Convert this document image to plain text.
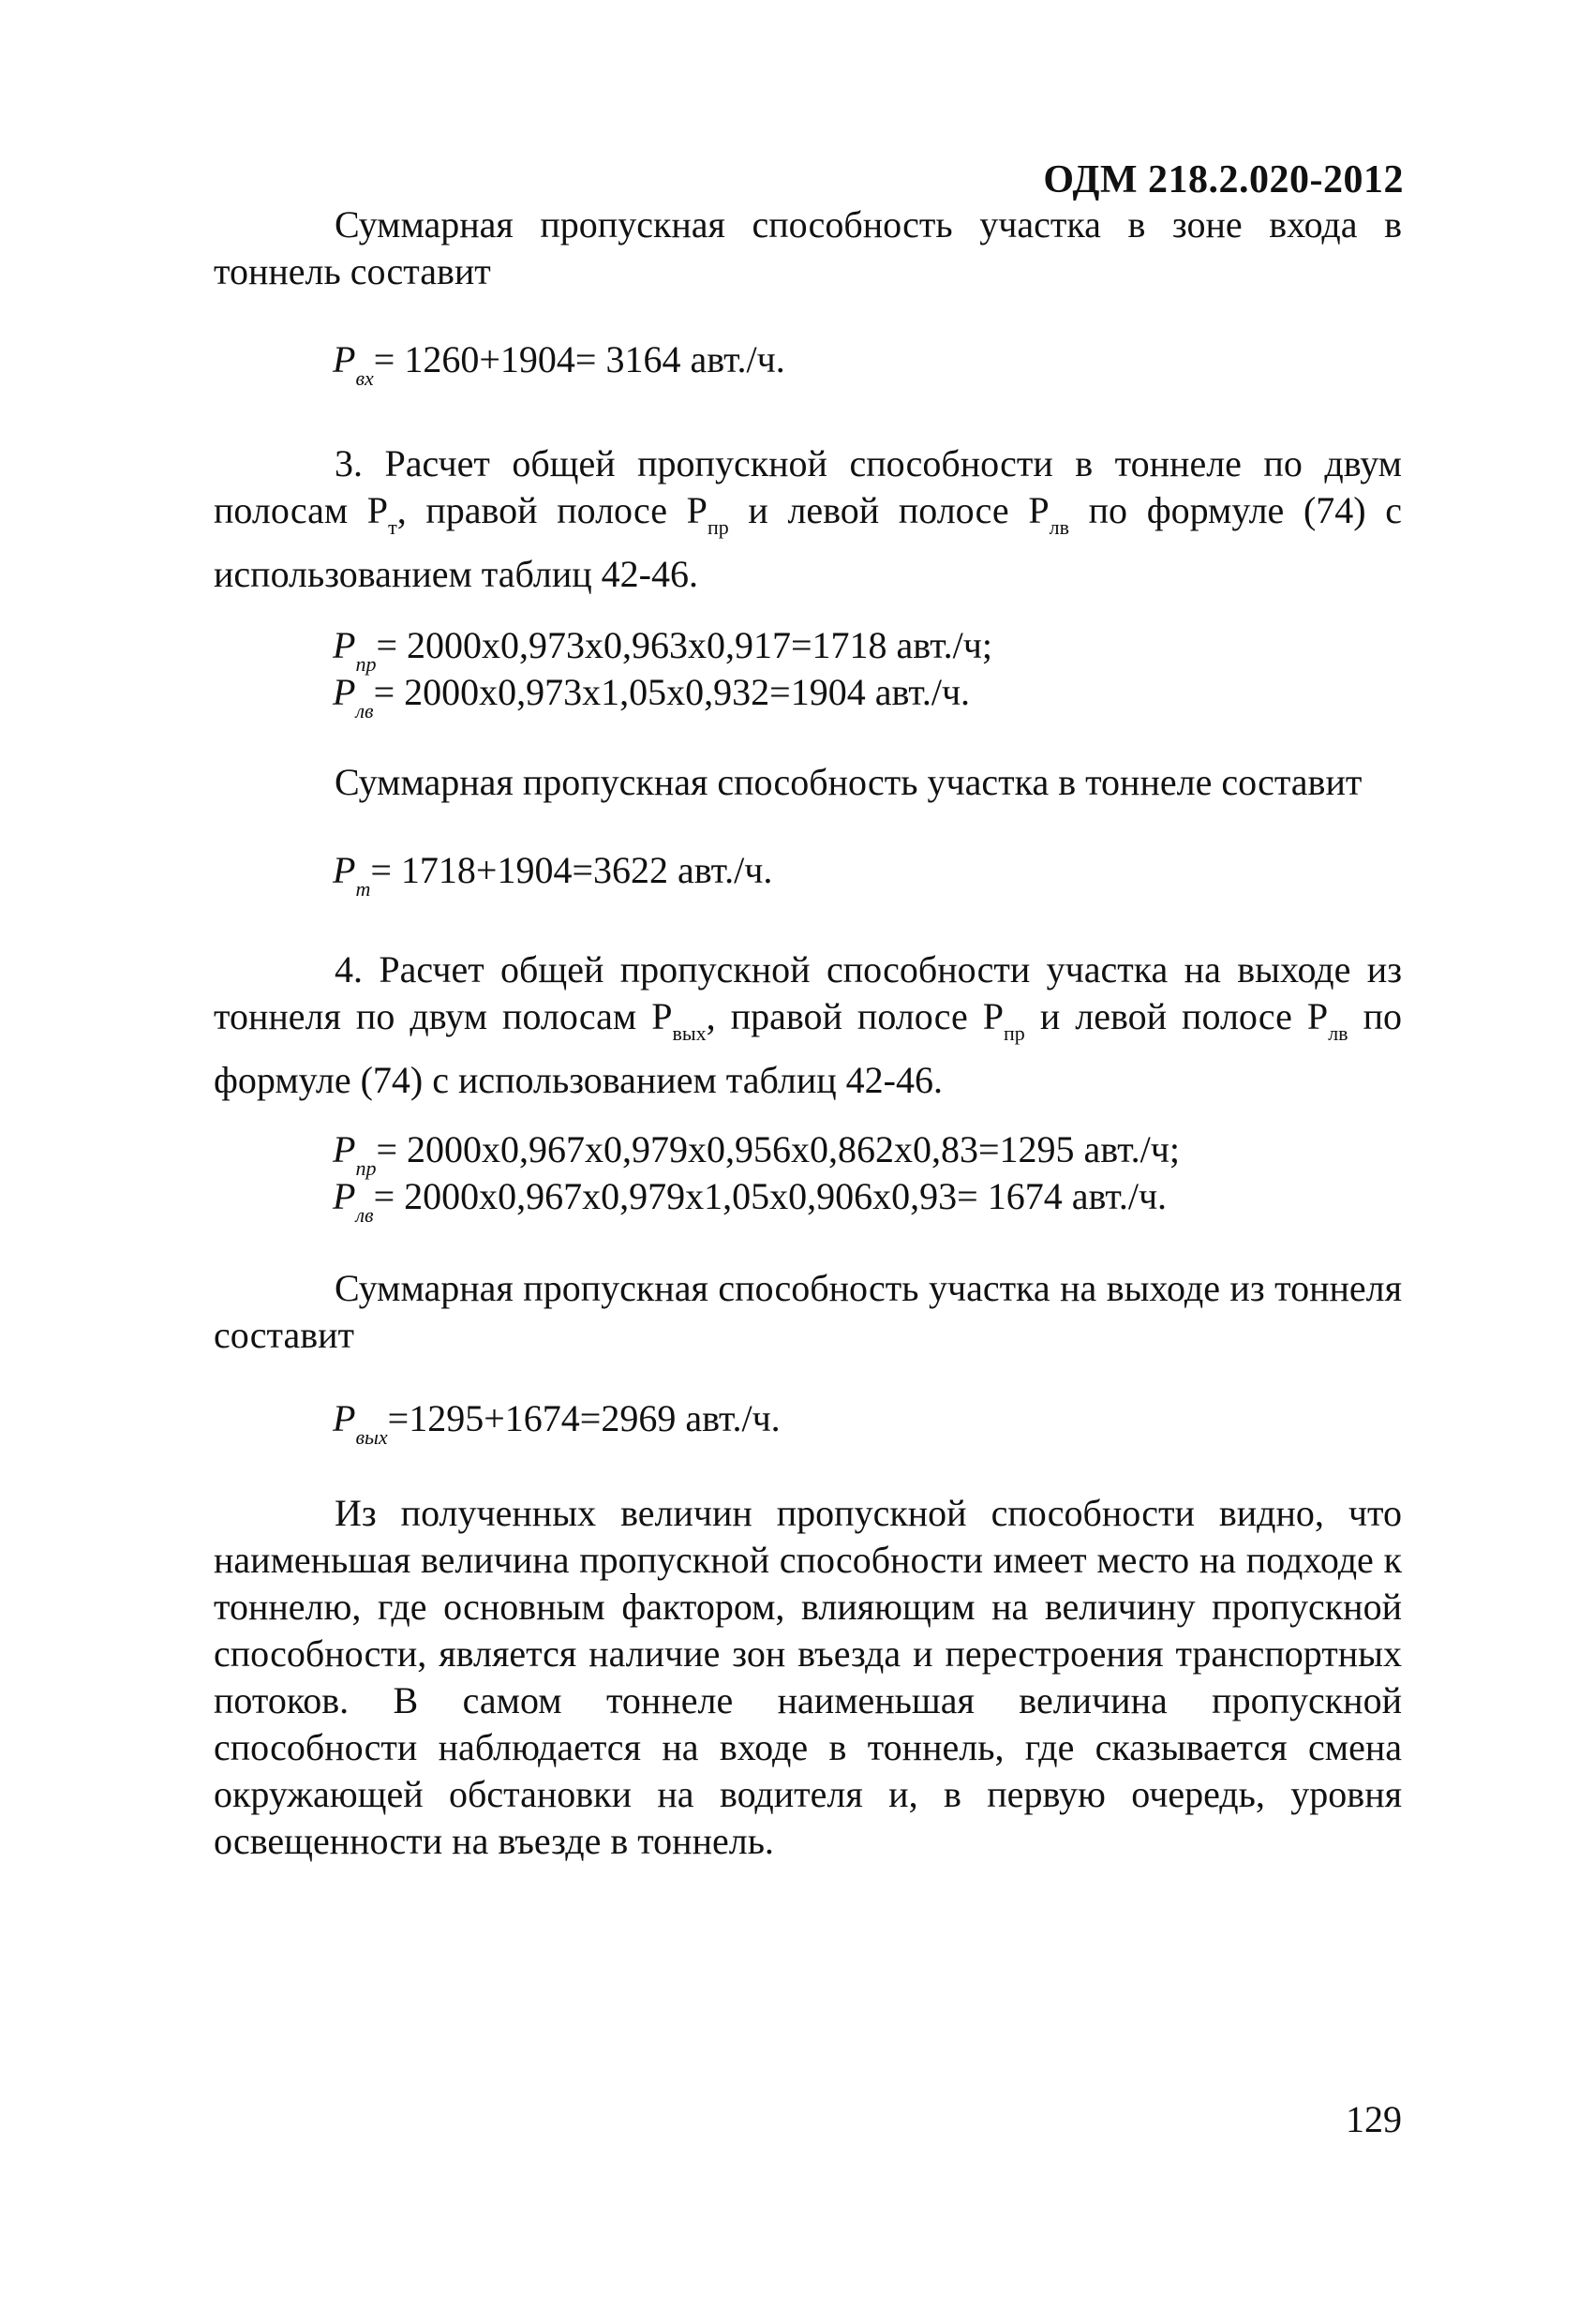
ОДМ 218.2.020-2012

Суммарная пропускная способность участка в зоне входа в тоннель составит

$P_{вх}= 1260+1904= 3164$ авт./ч.

3. Расчет общей пропускной способности в тоннеле по двум полосам $P_т$, правой полосе $P_{пр}$ и левой полосе $P_{лв}$ по формуле (74) с использованием таблиц 42-46.

$P_{пр}= 2000x0,973x0,963x0,917=1718$ авт./ч;
$P_{лв}= 2000x0,973x1,05x0,932=1904$ авт./ч.

Суммарная пропускная способность участка в тоннеле составит

$P_т= 1718+1904=3622$ авт./ч.

4. Расчет общей пропускной способности участка на выходе из тоннеля по двум полосам $P_{вых}$, правой полосе $P_{пр}$ и левой полосе $P_{лв}$ по формуле (74) с использованием таблиц 42-46.

$P_{пр}= 2000x0,967x0,979x0,956x0,862x0,83=1295$ авт./ч;
$P_{лв}= 2000x0,967x0,979x1,05x0,906x0,93= 1674$ авт./ч.

Суммарная пропускная способность участка на выходе из тоннеля составит

$P_{вых}=1295+1674=2969$ авт./ч.

Из полученных величин пропускной способности видно, что наименьшая величина пропускной способности имеет место на подходе к тоннелю, где основным фактором, влияющим на величину пропускной способности, является наличие зон въезда и перестроения транспортных потоков. В самом тоннеле наименьшая величина пропускной способности наблюдается на входе в тоннель, где сказывается смена окружающей обстановки на водителя и, в первую очередь, уровня освещенности на въезде в тоннель.

129
